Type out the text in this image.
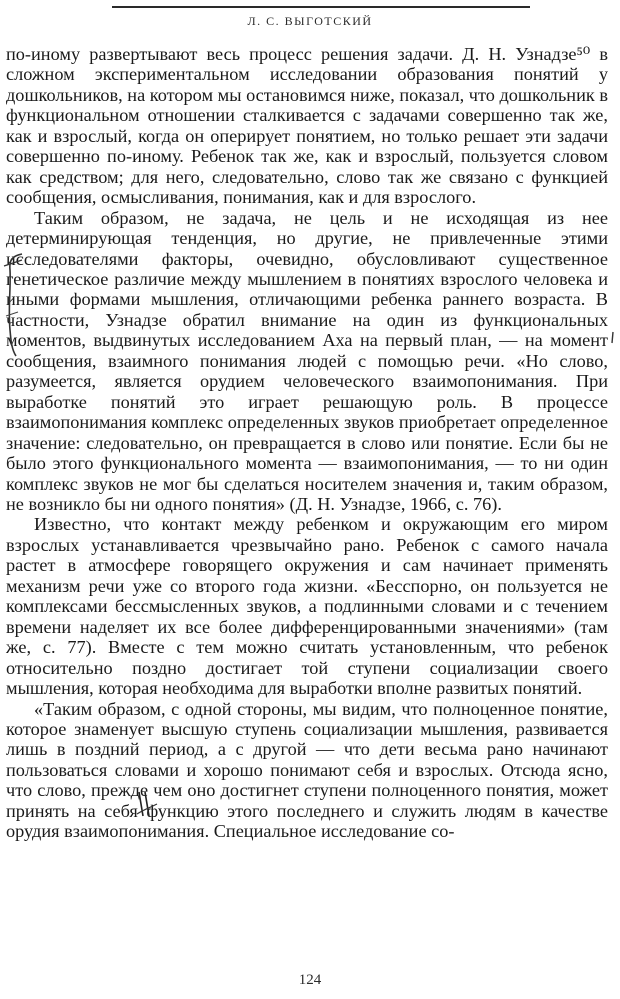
Л. С. ВЫГОТСКИЙ

по-иному развертывают весь процесс решения задачи. Д. Н. Узнадзе⁵⁰ в сложном экспериментальном исследовании образования понятий у дошкольников, на котором мы остановимся ниже, показал, что дошкольник в функциональном отношении сталкивается с задачами совершенно так же, как и взрослый, когда он оперирует понятием, но только решает эти задачи совершенно по-иному. Ребенок так же, как и взрослый, пользуется словом как средством; для него, следовательно, слово так же связано с функцией сообщения, осмысливания, понимания, как и для взрослого.

Таким образом, не задача, не цель и не исходящая из нее детерминирующая тенденция, но другие, не привлеченные этими исследователями факторы, очевидно, обусловливают существенное генетическое различие между мышлением в понятиях взрослого человека и иными формами мышления, отличающими ребенка раннего возраста. В частности, Узнадзе обратил внимание на один из функциональных моментов, выдвинутых исследованием Аха на первый план, — на момент сообщения, взаимного понимания людей с помощью речи. «Но слово, разумеется, является орудием человеческого взаимопонимания. При выработке понятий это играет решающую роль. В процессе взаимопонимания комплекс определенных звуков приобретает определенное значение: следовательно, он превращается в слово или понятие. Если бы не было этого функционального момента — взаимопонимания, — то ни один комплекс звуков не мог бы сделаться носителем значения и, таким образом, не возникло бы ни одного понятия» (Д. Н. Узнадзе, 1966, с. 76).

Известно, что контакт между ребенком и окружающим его миром взрослых устанавливается чрезвычайно рано. Ребенок с самого начала растет в атмосфере говорящего окружения и сам начинает применять механизм речи уже со второго года жизни. «Бесспорно, он пользуется не комплексами бессмысленных звуков, а подлинными словами и с течением времени наделяет их все более дифференцированными значениями» (там же, с. 77). Вместе с тем можно считать установленным, что ребенок относительно поздно достигает той ступени социализации своего мышления, которая необходима для выработки вполне развитых понятий.

«Таким образом, с одной стороны, мы видим, что полноценное понятие, которое знаменует высшую ступень социализации мышления, развивается лишь в поздний период, а с другой — что дети весьма рано начинают пользоваться словами и хорошо понимают себя и взрослых. Отсюда ясно, что слово, прежде чем оно достигнет ступени полноценного понятия, может принять на себя функцию этого последнего и служить людям в качестве орудия взаимопонимания. Специальное исследование со-

124
